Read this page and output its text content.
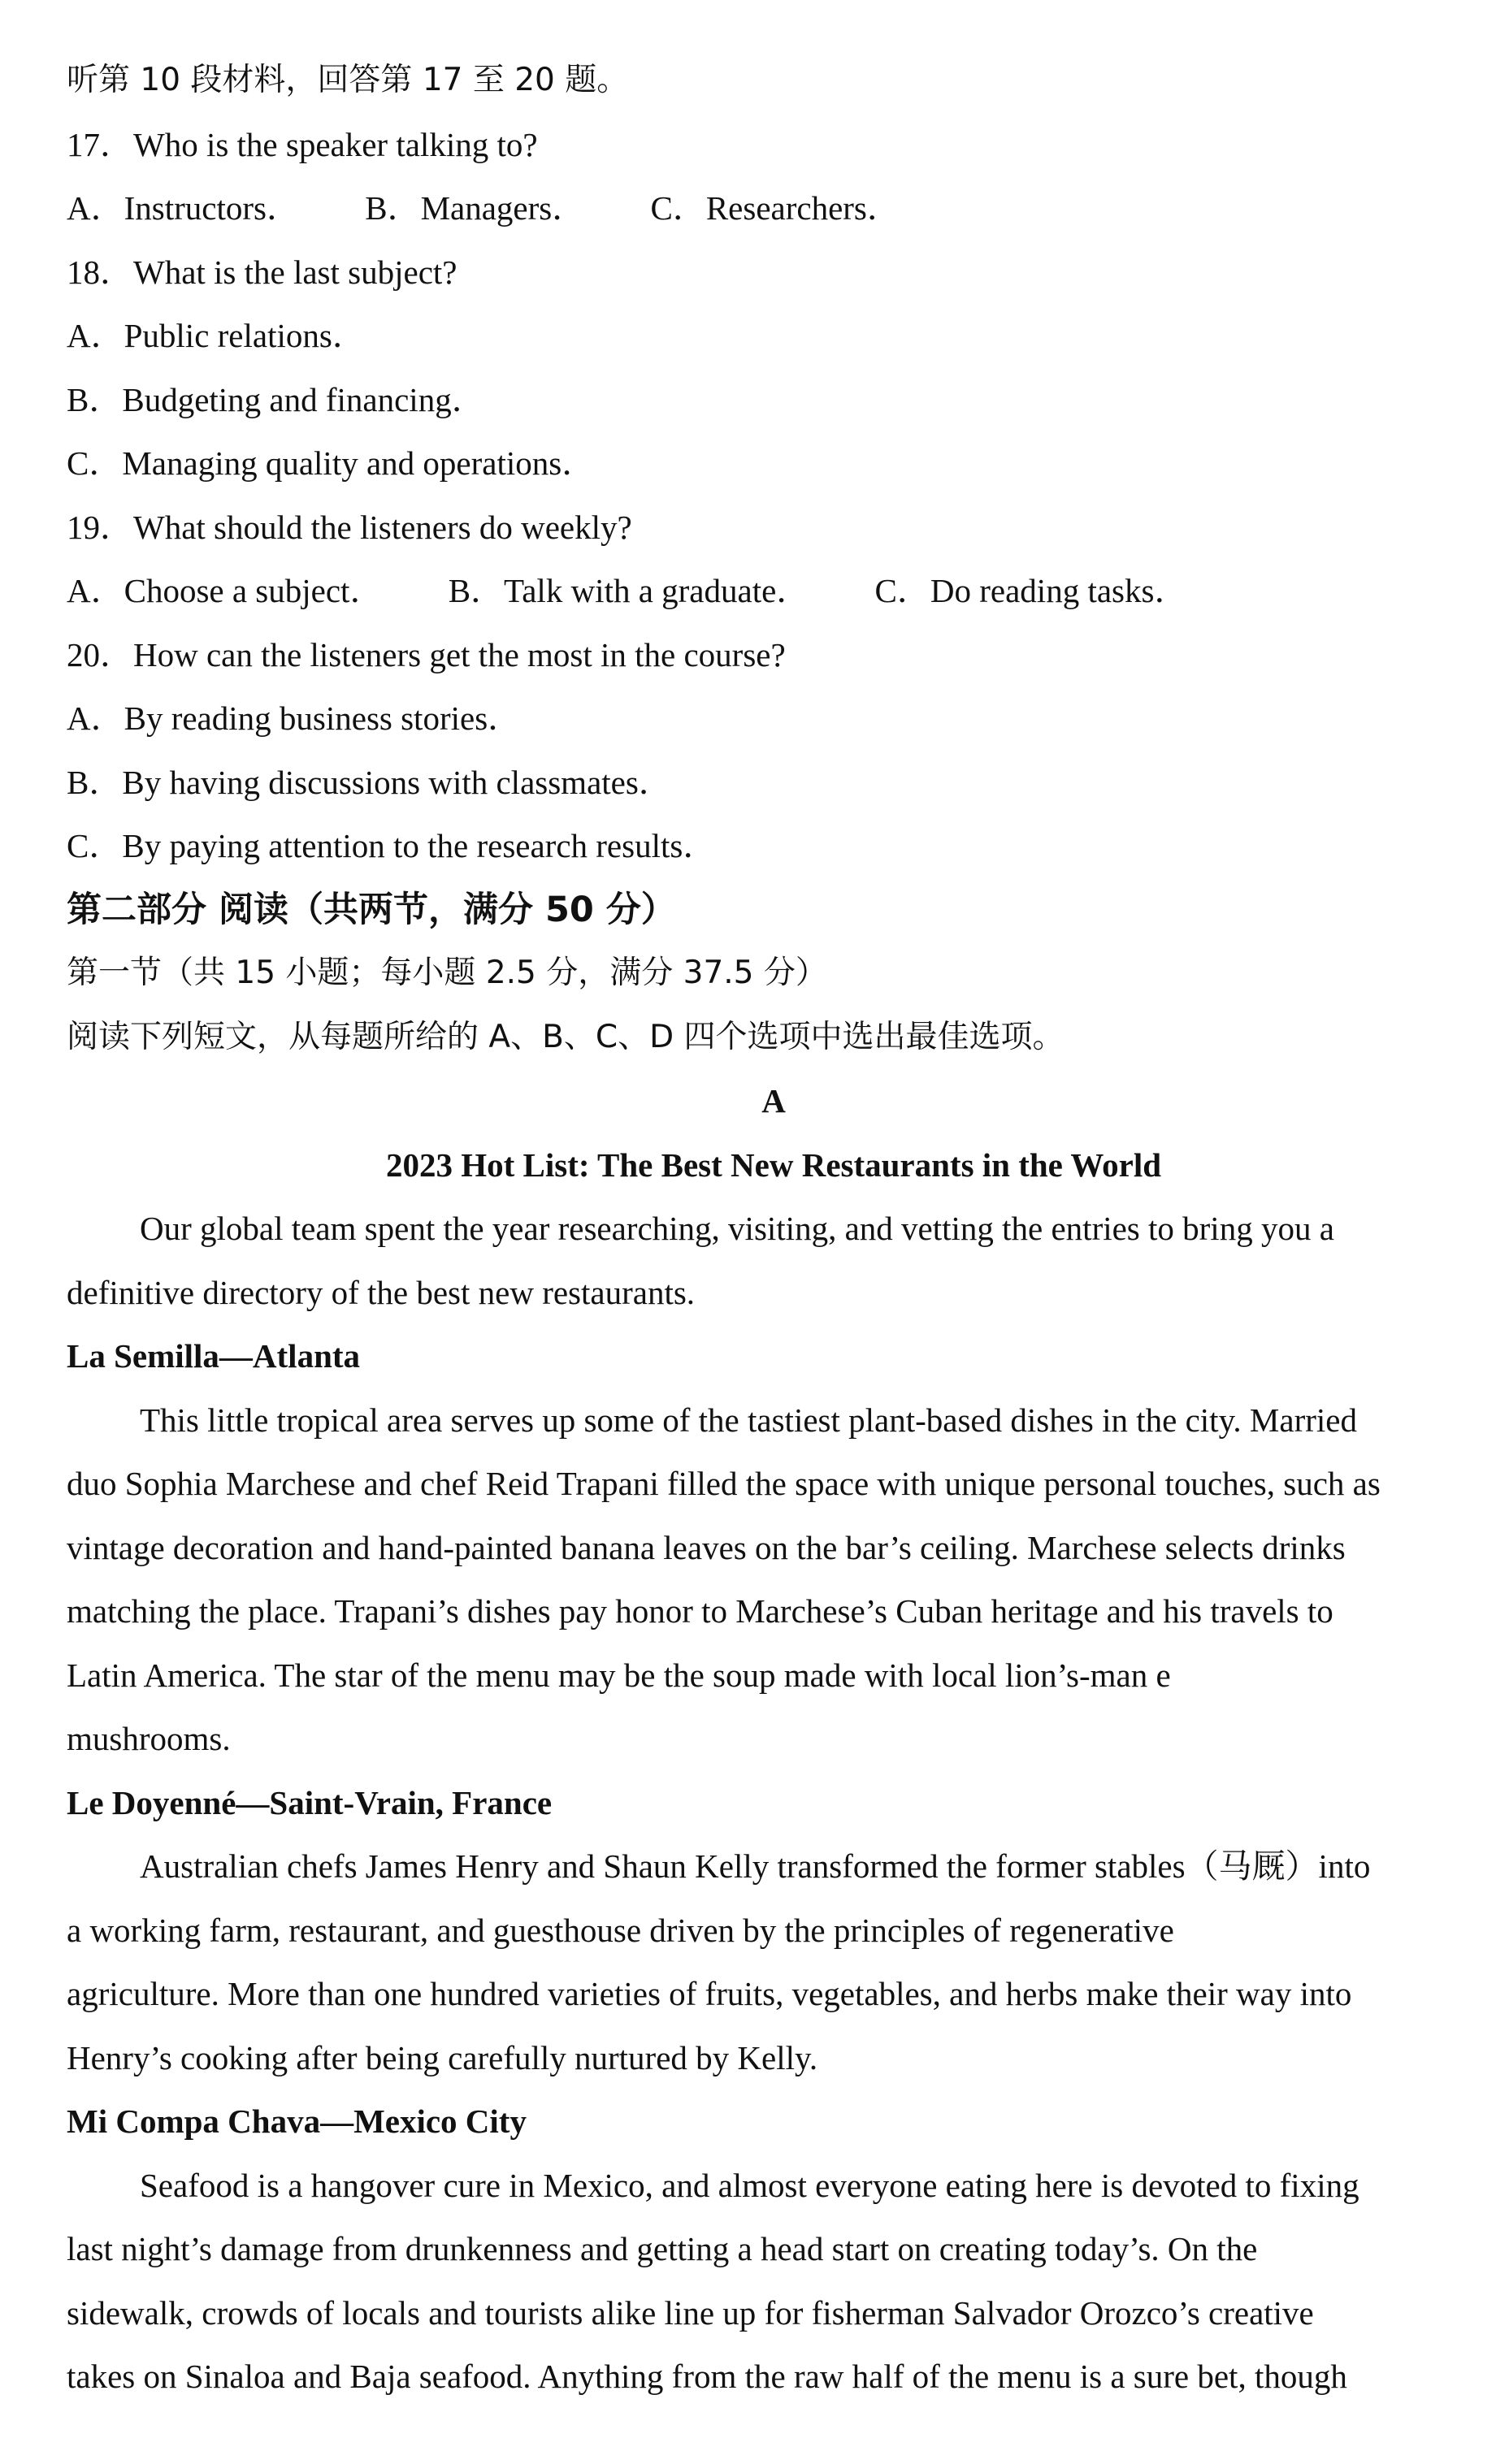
听第 10 段材料，回答第 17 至 20 题。
17．Who is the speaker talking to?
A．Instructors． B．Managers． C．Researchers．
18．What is the last subject?
A．Public relations．
B．Budgeting and financing．
C．Managing quality and operations．
19．What should the listeners do weekly?
A．Choose a subject． B．Talk with a graduate． C．Do reading tasks．
20．How can the listeners get the most in the course?
A．By reading business stories．
B．By having discussions with classmates．
C．By paying attention to the research results．
第二部分 阅读（共两节，满分 50 分）
第一节（共 15 小题；每小题 2.5 分，满分 37.5 分）
阅读下列短文，从每题所给的 A、B、C、D 四个选项中选出最佳选项。
A
2023 Hot List: The Best New Restaurants in the World
Our global team spent the year researching, visiting, and vetting the entries to bring you a
definitive directory of the best new restaurants.
La Semilla—Atlanta
This little tropical area serves up some of the tastiest plant-based dishes in the city. Married
duo Sophia Marchese and chef Reid Trapani filled the space with unique personal touches, such as
vintage decoration and hand-painted banana leaves on the bar’s ceiling. Marchese selects drinks
matching the place. Trapani’s dishes pay honor to Marchese’s Cuban heritage and his travels to
Latin America. The star of the menu may be the soup made with local lion’s-man e
mushrooms.
Le Doyenné—Saint-Vrain, France
Australian chefs James Henry and Shaun Kelly transformed the former stables（马厩）into
a working farm, restaurant, and guesthouse driven by the principles of regenerative
agriculture. More than one hundred varieties of fruits, vegetables, and herbs make their way into
Henry’s cooking after being carefully nurtured by Kelly.
Mi Compa Chava—Mexico City
Seafood is a hangover cure in Mexico, and almost everyone eating here is devoted to fixing
last night’s damage from drunkenness and getting a head start on creating today’s. On the
sidewalk, crowds of locals and tourists alike line up for fisherman Salvador Orozco’s creative
takes on Sinaloa and Baja seafood. Anything from the raw half of the menu is a sure bet, though
